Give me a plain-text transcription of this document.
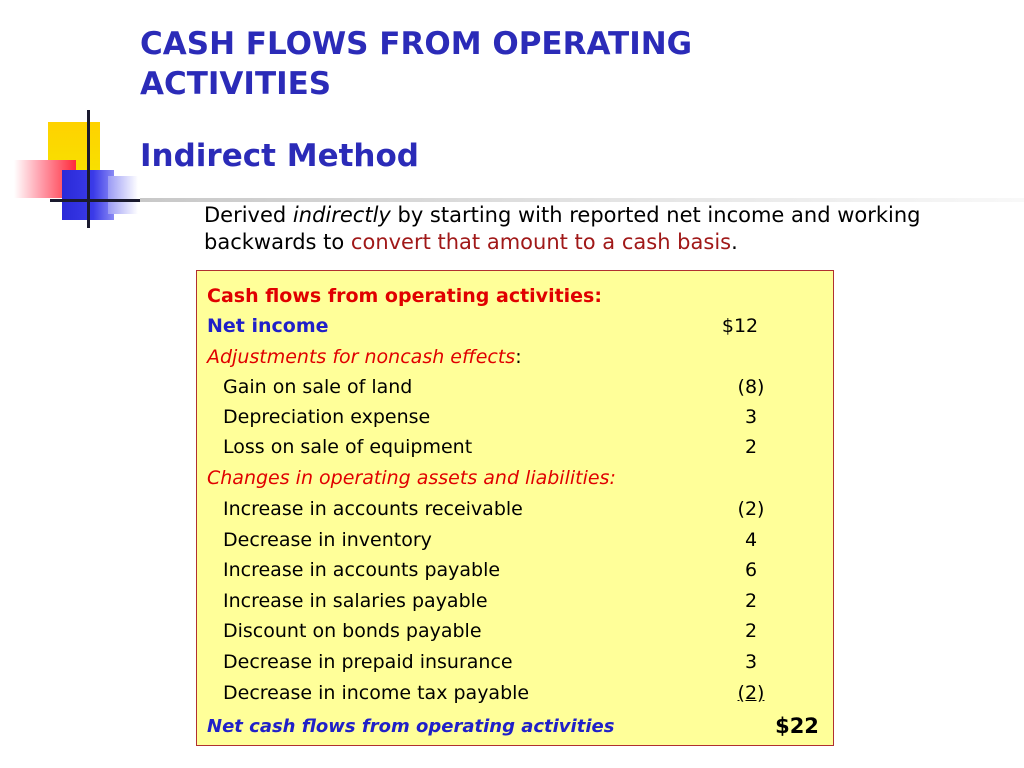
CASH FLOWS FROM OPERATING
ACTIVITIES
Indirect Method
Derived indirectly by starting with reported net income and working backwards to convert that amount to a cash basis.
Cash flows from operating activities:
Net income	$12
Adjustments for noncash effects:
Gain on sale of land	(8)
Depreciation expense	3
Loss on sale of equipment	2
Changes in operating assets and liabilities:
Increase in accounts receivable	(2)
Decrease in inventory	4
Increase in accounts payable	6
Increase in salaries payable	2
Discount on bonds payable	2
Decrease in prepaid insurance	3
Decrease in income tax payable	(2)
Net cash flows from operating activities	$22
